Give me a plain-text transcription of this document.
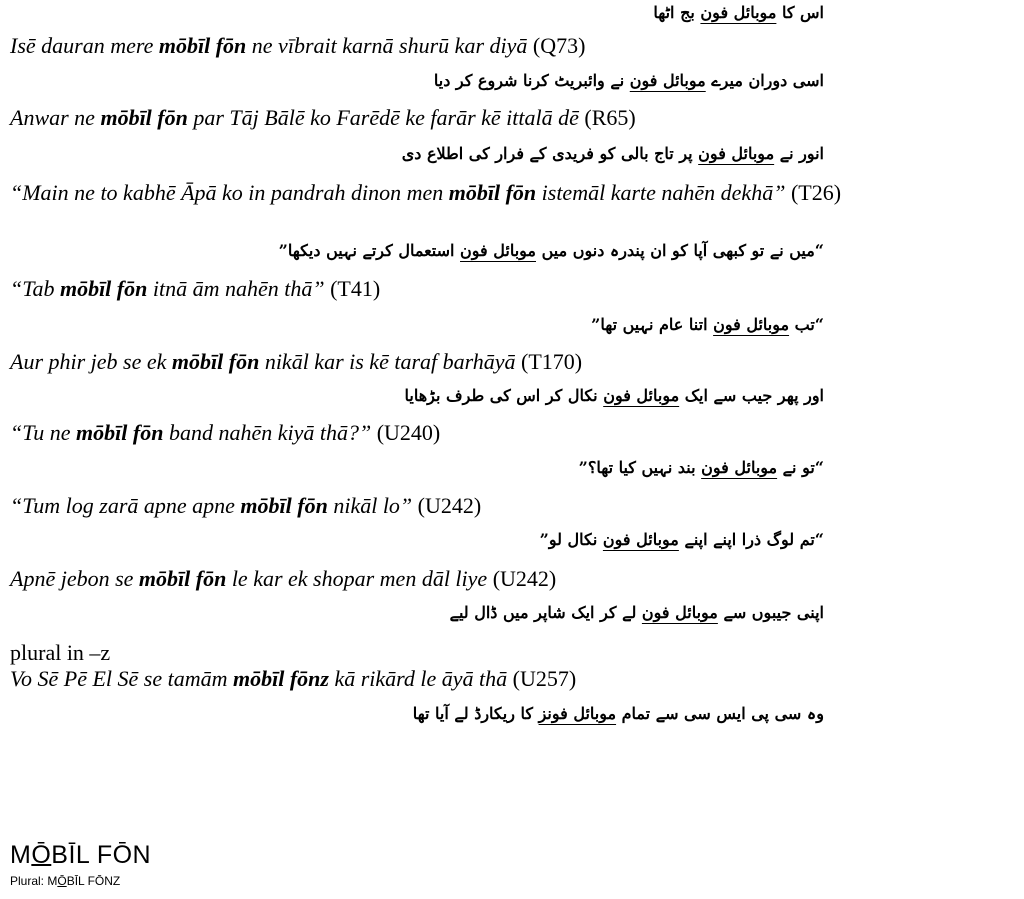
اس کا موبائل فون بج اٹھا

Isē dauran mere mōbīl fōn ne vībrait karnā shurū kar diyā (Q73)

اسی دوران میرے موبائل فون نے وائبریٹ کرنا شروع کر دیا

Anwar ne mōbīl fōn par Tāj Bālē ko Farēdē ke farār kē ittalā dē (R65)

انور نے موبائل فون پر تاج بالی کو فریدی کے فرار کی اطلاع دی

“Main ne to kabhē Āpā ko in pandrah dinon men mōbīl fōn istemāl karte nahēn dekhā” (T26)

“میں نے تو کبھی آپا کو ان پندرہ دنوں میں موبائل فون استعمال کرتے نہیں دیکھا”

“Tab mōbīl fōn itnā ām nahēn thā” (T41)

“تب موبائل فون اتنا عام نہیں تھا”

Aur phir jeb se ek mōbīl fōn nikāl kar is kē taraf barhāyā (T170)

اور پھر جیب سے ایک موبائل فون نکال کر اس کی طرف بڑھایا

“Tu ne mōbīl fōn band nahēn kiyā thā?” (U240)

“تو نے موبائل فون بند نہیں کیا تھا؟”

“Tum log zarā apne apne mōbīl fōn nikāl lo” (U242)

“تم لوگ ذرا اپنے اپنے موبائل فون نکال لو”

Apnē jebon se mōbīl fōn le kar ek shopar men dāl liye (U242)

اپنی جیبوں سے موبائل فون لے کر ایک شاپر میں ڈال لیے

plural in –z

Vo Sē Pē El Sē se tamām mōbīl fōnz kā rikārd le āyā thā (U257)

وہ سی پی ایس سی سے تمام موبائل فونز کا ریکارڈ لے آیا تھا

MŌBĪL FŌN

Plural: MŌBĪL FŌNZ
